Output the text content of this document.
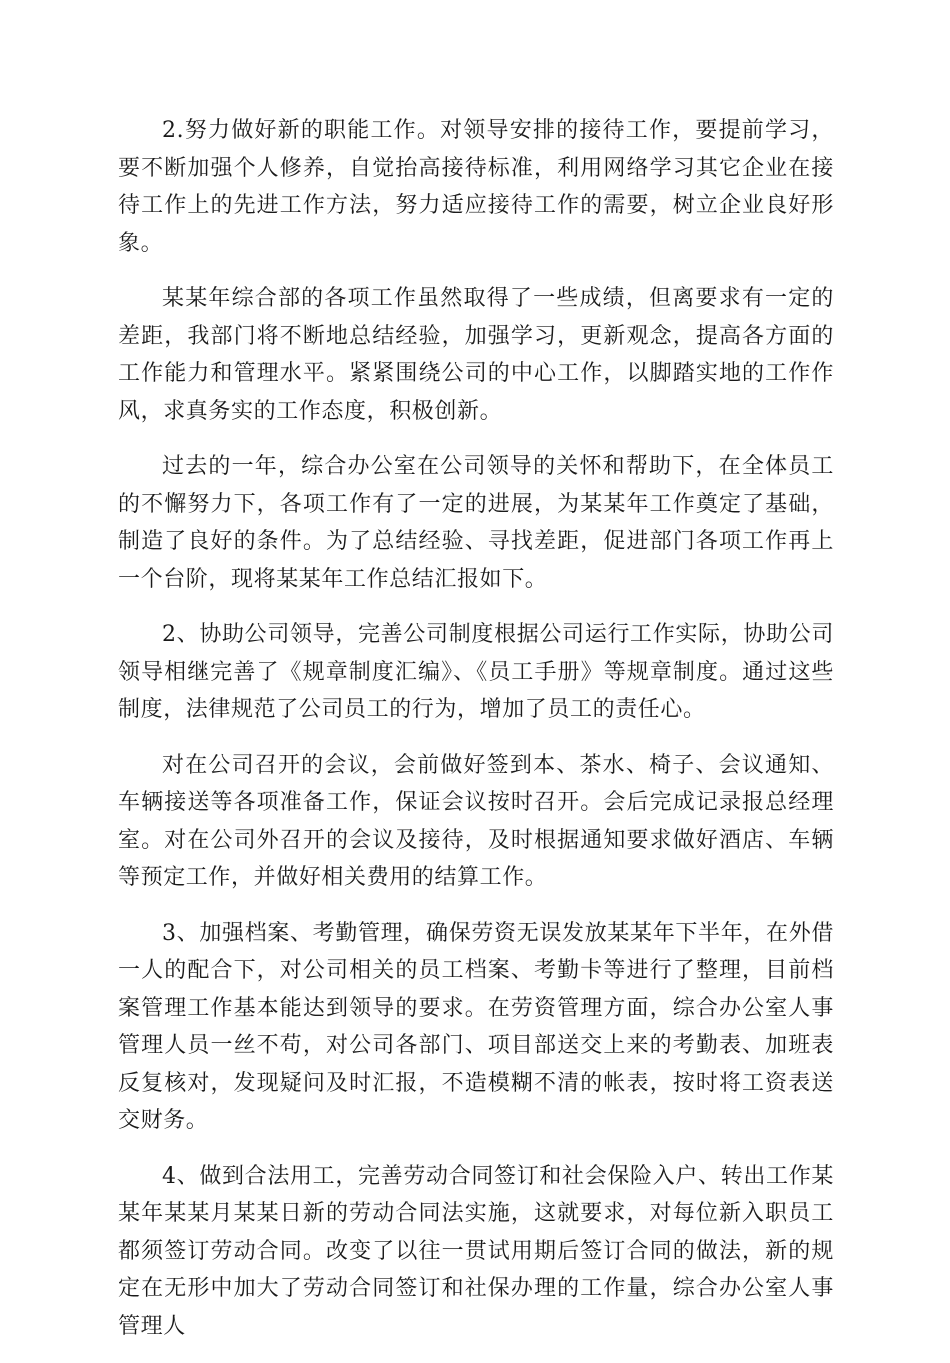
2.努力做好新的职能工作。对领导安排的接待工作，要提前学习，要不断加强个人修养，自觉抬高接待标准，利用网络学习其它企业在接待工作上的先进工作方法，努力适应接待工作的需要，树立企业良好形象。

某某年综合部的各项工作虽然取得了一些成绩，但离要求有一定的差距，我部门将不断地总结经验，加强学习，更新观念，提高各方面的工作能力和管理水平。紧紧围绕公司的中心工作，以脚踏实地的工作作风，求真务实的工作态度，积极创新。

过去的一年，综合办公室在公司领导的关怀和帮助下，在全体员工的不懈努力下，各项工作有了一定的进展，为某某年工作奠定了基础，制造了良好的条件。为了总结经验、寻找差距，促进部门各项工作再上一个台阶，现将某某年工作总结汇报如下。

2、协助公司领导，完善公司制度根据公司运行工作实际，协助公司领导相继完善了《规章制度汇编》、《员工手册》等规章制度。通过这些制度，法律规范了公司员工的行为，增加了员工的责任心。

对在公司召开的会议，会前做好签到本、茶水、椅子、会议通知、车辆接送等各项准备工作，保证会议按时召开。会后完成记录报总经理室。对在公司外召开的会议及接待，及时根据通知要求做好酒店、车辆等预定工作，并做好相关费用的结算工作。

3、加强档案、考勤管理，确保劳资无误发放某某年下半年，在外借一人的配合下，对公司相关的员工档案、考勤卡等进行了整理，目前档案管理工作基本能达到领导的要求。在劳资管理方面，综合办公室人事管理人员一丝不苟，对公司各部门、项目部送交上来的考勤表、加班表反复核对，发现疑问及时汇报，不造模糊不清的帐表，按时将工资表送交财务。

4、做到合法用工，完善劳动合同签订和社会保险入户、转出工作某某年某某月某某日新的劳动合同法实施，这就要求，对每位新入职员工都须签订劳动合同。改变了以往一贯试用期后签订合同的做法，新的规定在无形中加大了劳动合同签订和社保办理的工作量，综合办公室人事管理人
